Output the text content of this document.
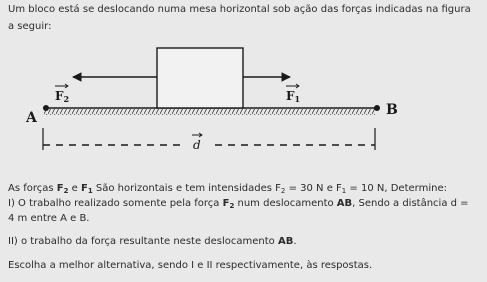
Um bloco está se deslocando numa mesa horizontal sob ação das forças indicadas na figura
a seguir:
F2	F1
A	B
d
As forças $F_2$ e $F_1$ São horizontais e tem intensidades $F_2 = 30$ N e $F_1 = 10$ N, Determine:
I) O trabalho realizado somente pela força $F_2$ num deslocamento AB, Sendo a distância d =
4 m entre A e B.
II) o trabalho da força resultante neste deslocamento AB.
Escolha a melhor alternativa, sendo I e II respectivamente, às respostas.
